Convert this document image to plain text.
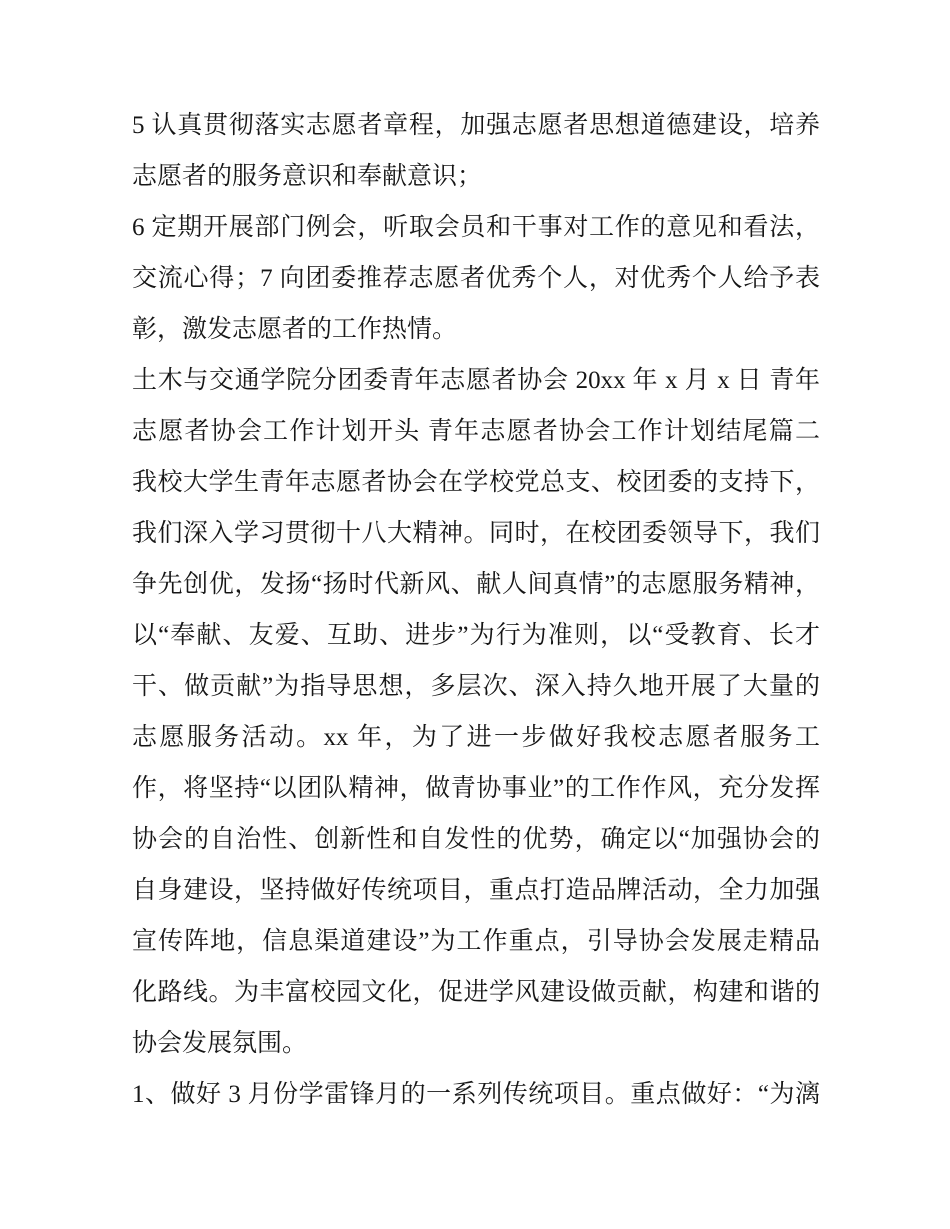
5 认真贯彻落实志愿者章程，加强志愿者思想道德建设，培养
志愿者的服务意识和奉献意识；
6 定期开展部门例会，听取会员和干事对工作的意见和看法，
交流心得；7 向团委推荐志愿者优秀个人，对优秀个人给予表
彰，激发志愿者的工作热情。
土木与交通学院分团委青年志愿者协会 20xx 年 x 月 x 日 青年
志愿者协会工作计划开头 青年志愿者协会工作计划结尾篇二
我校大学生青年志愿者协会在学校党总支、校团委的支持下，
我们深入学习贯彻十八大精神。同时，在校团委领导下，我们
争先创优，发扬“扬时代新风、献人间真情”的志愿服务精神，
以“奉献、友爱、互助、进步”为行为准则，以“受教育、长才
干、做贡献”为指导思想，多层次、深入持久地开展了大量的
志愿服务活动。xx 年，为了进一步做好我校志愿者服务工
作，将坚持“以团队精神，做青协事业”的工作作风，充分发挥
协会的自治性、创新性和自发性的优势，确定以“加强协会的
自身建设，坚持做好传统项目，重点打造品牌活动，全力加强
宣传阵地，信息渠道建设”为工作重点，引导协会发展走精品
化路线。为丰富校园文化，促进学风建设做贡献，构建和谐的
协会发展氛围。
1、做好 3 月份学雷锋月的一系列传统项目。重点做好：“为漓
